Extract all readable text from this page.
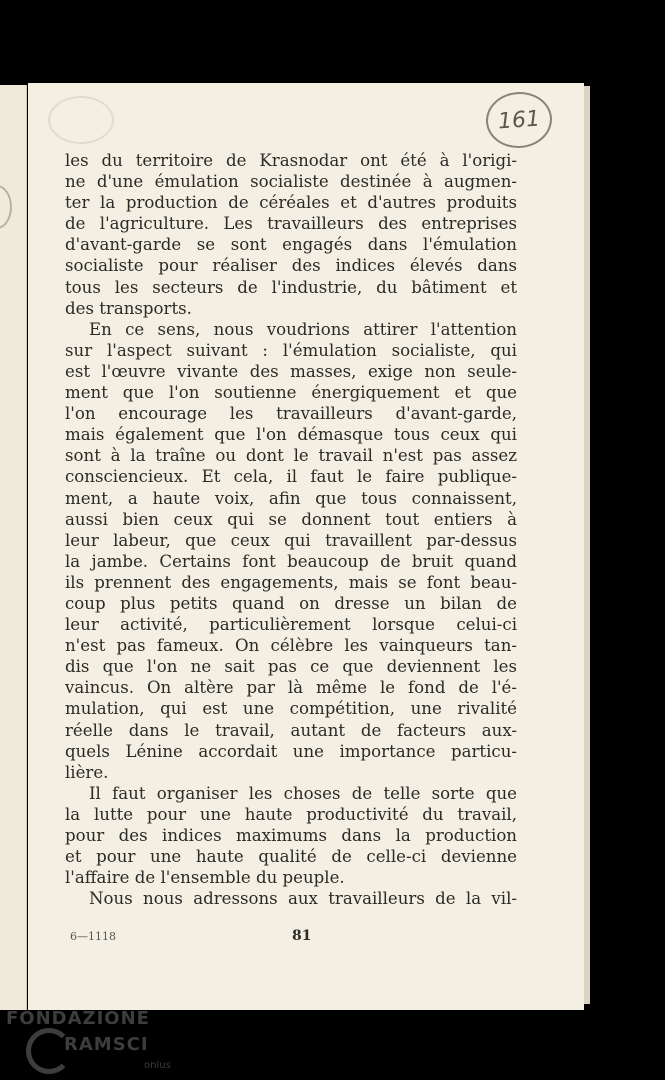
161
les du territoire de Krasnodar ont été à l'origi-
ne d'une émulation socialiste destinée à augmen-
ter la production de céréales et d'autres produits
de l'agriculture. Les travailleurs des entreprises
d'avant-garde se sont engagés dans l'émulation
socialiste pour réaliser des indices élevés dans
tous les secteurs de l'industrie, du bâtiment et
des transports.
En ce sens, nous voudrions attirer l'attention
sur l'aspect suivant : l'émulation socialiste, qui
est l'œuvre vivante des masses, exige non seule-
ment que l'on soutienne énergiquement et que
l'on encourage les travailleurs d'avant-garde,
mais également que l'on démasque tous ceux qui
sont à la traîne ou dont le travail n'est pas assez
consciencieux. Et cela, il faut le faire publique-
ment, a haute voix, afin que tous connaissent,
aussi bien ceux qui se donnent tout entiers à
leur labeur, que ceux qui travaillent par-dessus
la jambe. Certains font beaucoup de bruit quand
ils prennent des engagements, mais se font beau-
coup plus petits quand on dresse un bilan de
leur activité, particulièrement lorsque celui-ci
n'est pas fameux. On célèbre les vainqueurs tan-
dis que l'on ne sait pas ce que deviennent les
vaincus. On altère par là même le fond de l'é-
mulation, qui est une compétition, une rivalité
réelle dans le travail, autant de facteurs aux-
quels Lénine accordait une importance particu-
lière.
Il faut organiser les choses de telle sorte que
la lutte pour une haute productivité du travail,
pour des indices maximums dans la production
et pour une haute qualité de celle-ci devienne
l'affaire de l'ensemble du peuple.
Nous nous adressons aux travailleurs de la vil-
6—1118	81
FONDAZIONE
RAMSCI
onlus
